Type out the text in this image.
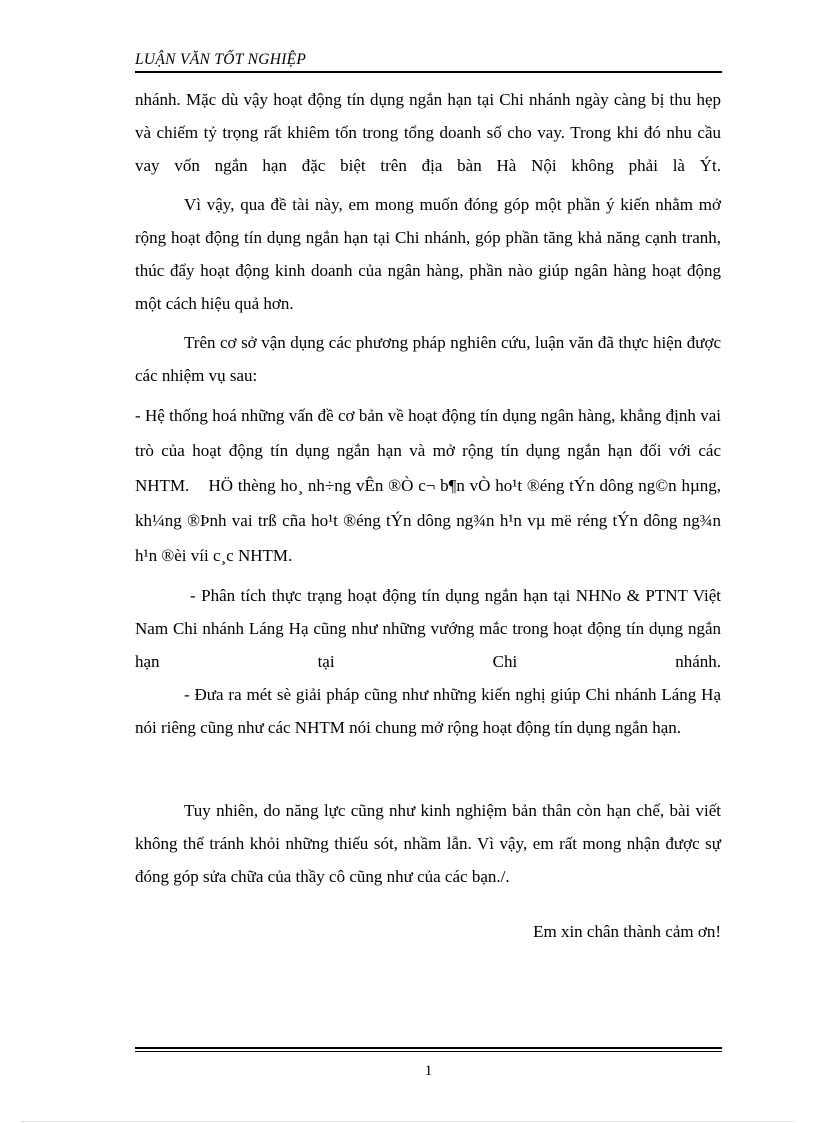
LUẬN VĂN TỐT NGHIỆP

nhánh. Mặc dù vậy hoạt động tín dụng ngắn hạn tại Chi nhánh ngày càng bị thu hẹp và chiếm tỷ trọng rất khiêm tốn trong tổng doanh số cho vay. Trong khi đó nhu cầu vay vốn ngắn hạn đặc biệt trên địa bàn Hà Nội không phải là Ýt.

Vì vậy, qua đề tài này, em mong muốn đóng góp một phần ý kiến nhằm mở rộng hoạt động tín dụng ngắn hạn tại Chi nhánh, góp phần tăng khả năng cạnh tranh, thúc đẩy hoạt động kinh doanh của ngân hàng, phần nào giúp ngân hàng hoạt động một cách hiệu quả hơn.

Trên cơ sở vận dụng các phương pháp nghiên cứu, luận văn đã thực hiện được các nhiệm vụ sau:

- Hệ thống hoá những vấn đề cơ bản về hoạt động tín dụng ngân hàng, khẳng định vai trò của hoạt động tín dụng ngắn hạn và mở rộng tín dụng ngắn hạn đối với các NHTM. HÖ thèng ho¸ nh÷ng vÊn ®Ò c¬ b¶n vÒ ho¹t ®éng tÝn dông ng©n hµng, kh¼ng ®Þnh vai trß cña ho¹t ®éng tÝn dông ng¾n h¹n vµ më réng tÝn dông ng¾n h¹n ®èi víi c¸c NHTM.

- Phân tích thực trạng hoạt động tín dụng ngắn hạn tại NHNo & PTNT Việt Nam Chi nhánh Láng Hạ cũng như những vướng mắc trong hoạt động tín dụng ngắn hạn tại Chi nhánh.

- Đưa ra mét sè giải pháp cũng như những kiến nghị giúp Chi nhánh Láng Hạ nói riêng cũng như các NHTM nói chung mở rộng hoạt động tín dụng ngắn hạn.

Tuy nhiên, do năng lực cũng như kinh nghiệm bản thân còn hạn chế, bài viết không thể tránh khỏi những thiếu sót, nhầm lẫn. Vì vậy, em rất mong nhận được sự đóng góp sửa chữa của thầy cô cũng như của các bạn./.

Em xin chân thành cảm ơn!

1
